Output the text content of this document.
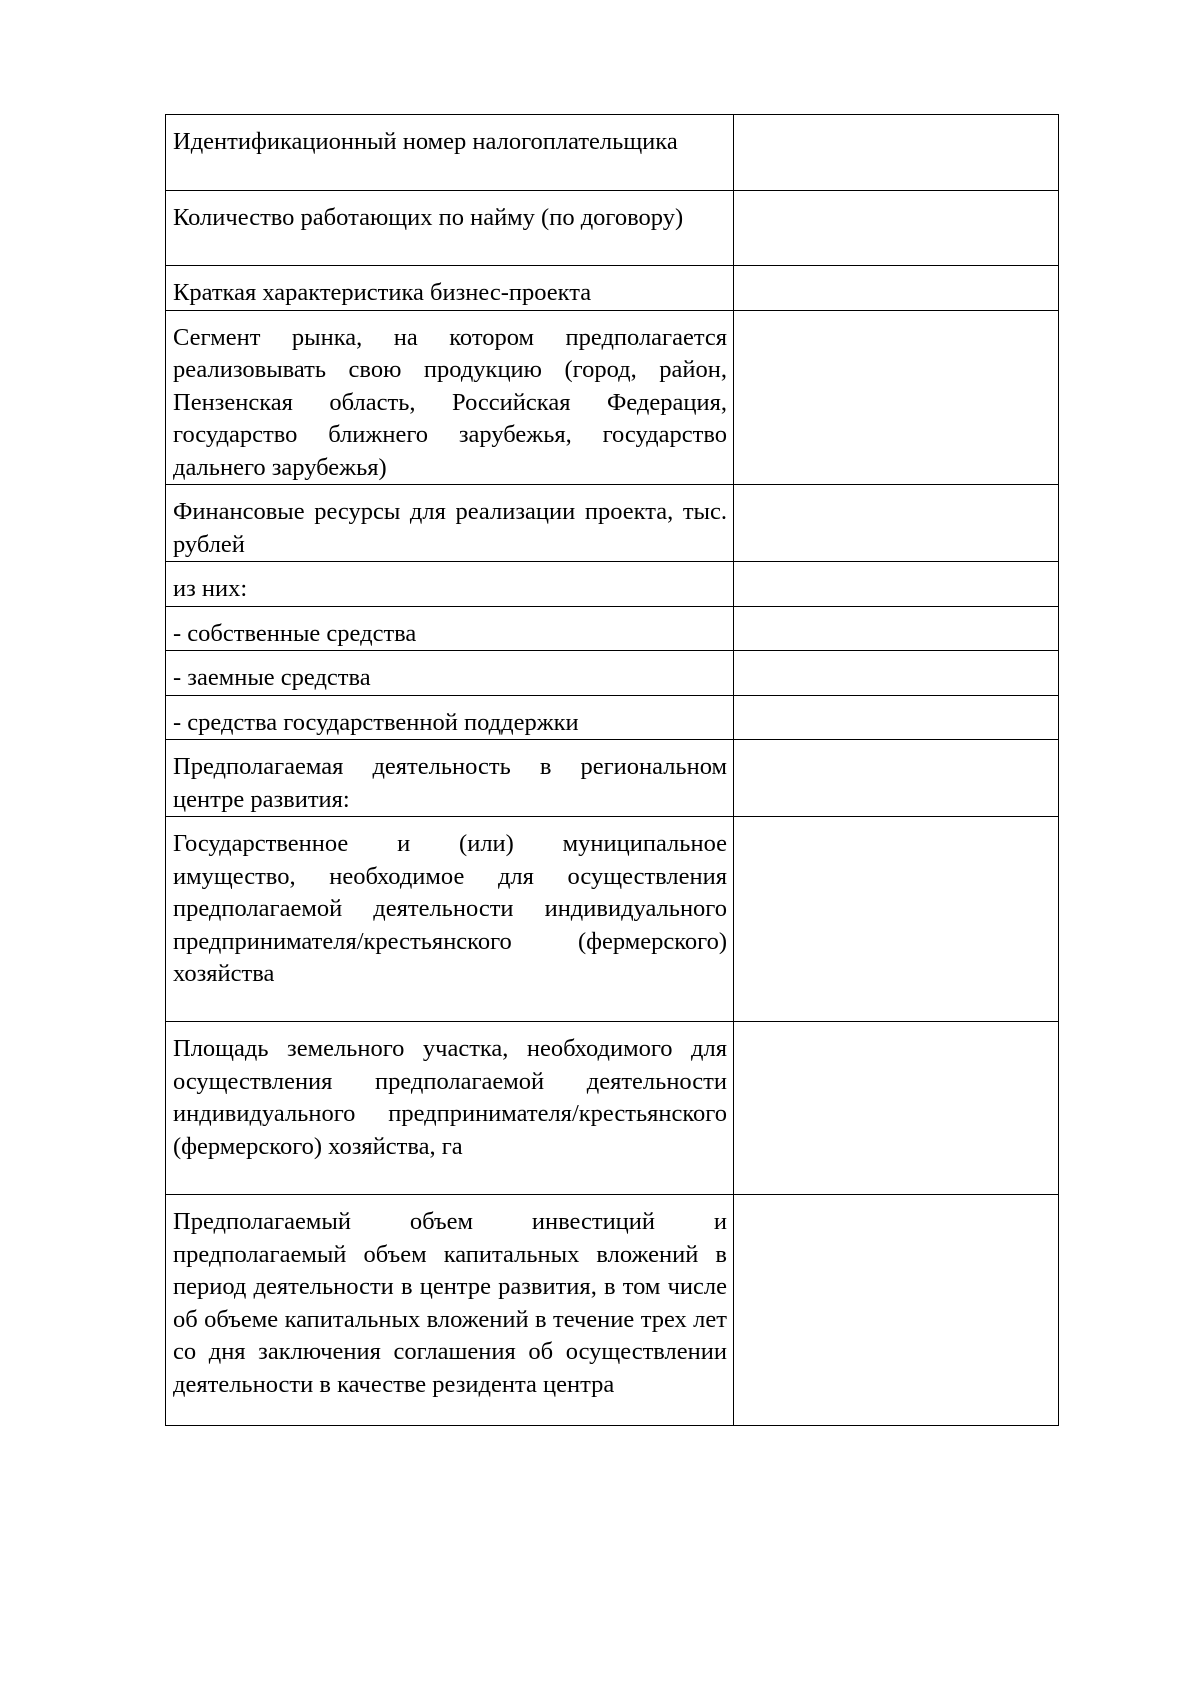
Идентификационный номер налогоплательщика	
Количество работающих по найму (по договору)	
Краткая характеристика бизнес-проекта	
Сегмент рынка, на котором предполагается реализовывать свою продукцию (город, район, Пензенская область, Российская Федерация, государство ближнего зарубежья, государство дальнего зарубежья)	
Финансовые ресурсы для реализации проекта, тыс. рублей	
из них:	
- собственные средства	
- заемные средства	
- средства государственной поддержки	
Предполагаемая деятельность в региональном центре развития:	
Государственное и (или) муниципальное имущество, необходимое для осуществления предполагаемой деятельности индивидуального предпринимателя/крестьянского (фермерского) хозяйства	
Площадь земельного участка, необходимого для осуществления предполагаемой деятельности индивидуального предпринимателя/крестьянского (фермерского) хозяйства, га	
Предполагаемый объем инвестиций и предполагаемый объем капитальных вложений в период деятельности в центре развития, в том числе об объеме капитальных вложений в течение трех лет со дня заключения соглашения об осуществлении деятельности в качестве резидента центра	
